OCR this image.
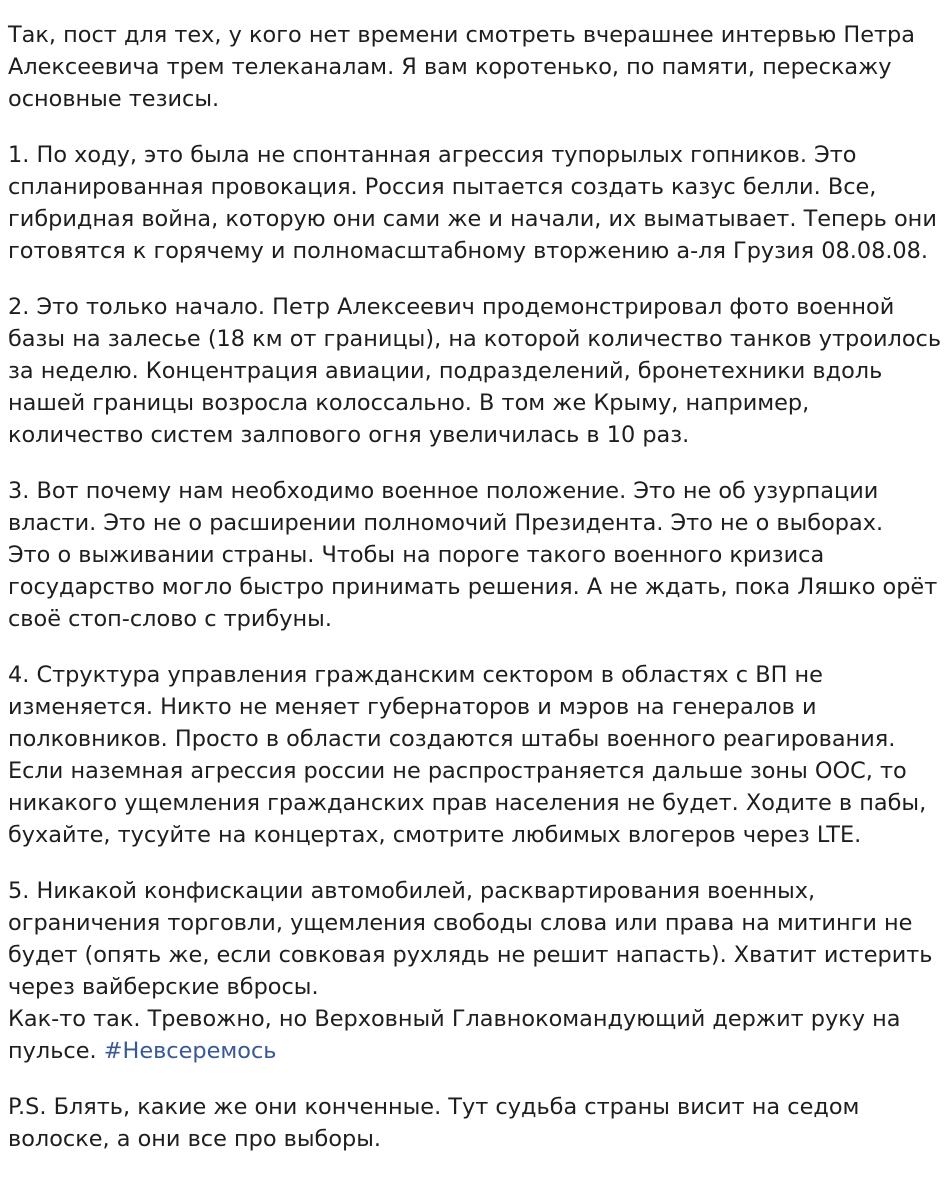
Так, пост для тех, у кого нет времени смотреть вчерашнее интервью Петра
Алексеевича трем телеканалам. Я вам коротенько, по памяти, перескажу
основные тезисы.
1. По ходу, это была не спонтанная агрессия тупорылых гопников. Это
спланированная провокация. Россия пытается создать казус белли. Все,
гибридная война, которую они сами же и начали, их выматывает. Теперь они
готовятся к горячему и полномасштабному вторжению а-ля Грузия 08.08.08.
2. Это только начало. Петр Алексеевич продемонстрировал фото военной
базы на залесье (18 км от границы), на которой количество танков утроилось
за неделю. Концентрация авиации, подразделений, бронетехники вдоль
нашей границы возросла колоссально. В том же Крыму, например,
количество систем залпового огня увеличилась в 10 раз.
3. Вот почему нам необходимо военное положение. Это не об узурпации
власти. Это не о расширении полномочий Президента. Это не о выборах.
Это о выживании страны. Чтобы на пороге такого военного кризиса
государство могло быстро принимать решения. А не ждать, пока Ляшко орёт
своё стоп-слово с трибуны.
4. Структура управления гражданским сектором в областях с ВП не
изменяется. Никто не меняет губернаторов и мэров на генералов и
полковников. Просто в области создаются штабы военного реагирования.
Если наземная агрессия россии не распространяется дальше зоны ООС, то
никакого ущемления гражданских прав населения не будет. Ходите в пабы,
бухайте, тусуйте на концертах, смотрите любимых влогеров через LTE.
5. Никакой конфискации автомобилей, расквартирования военных,
ограничения торговли, ущемления свободы слова или права на митинги не
будет (опять же, если совковая рухлядь не решит напасть). Хватит истерить
через вайберские вбросы.
Как-то так. Тревожно, но Верховный Главнокомандующий держит руку на
пульсе. #Невсеремось
P.S. Блять, какие же они конченные. Тут судьба страны висит на седом
волоске, а они все про выборы.
